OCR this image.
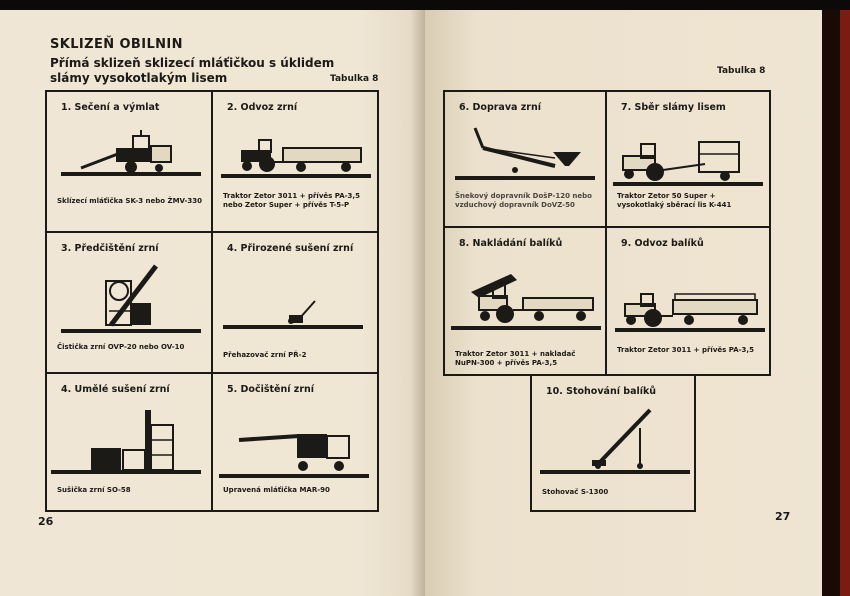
SKLIZEŇ OBILNIN
Přímá sklizeň sklizecí mláťičkou s úklidem slámy vysokotlakým lisem	Tabulka 8
1. Sečení a výmlat
Sklízecí mláťička SK-3 nebo ŽMV-330
2. Odvoz zrní
Traktor Zetor 3011 + přívěs PA-3,5 nebo Zetor Super + přívěs T-5-P
3. Předčištění zrní
Čistička zrní OVP-20 nebo OV-10
4. Přirozené sušení zrní
Přehazovač zrní PŘ-2
4. Umělé sušení zrní
Sušička zrní SO-58
5. Dočištění zrní
Upravená mláťička MAR-90
26
Tabulka 8
6. Doprava zrní
Šnekový dopravník DošP-120 nebo vzduchový dopravník DoVZ-50
7. Sběr slámy lisem
Traktor Zetor 50 Super + vysokotlaký sběrací lis K-441
8. Nakládání balíků
Traktor Zetor 3011 + nakladač NuPN-300 + přívěs PA-3,5
9. Odvoz balíků
Traktor Zetor 3011 + přívěs PA-3,5
10. Stohování balíků
Stohovač S-1300
27
